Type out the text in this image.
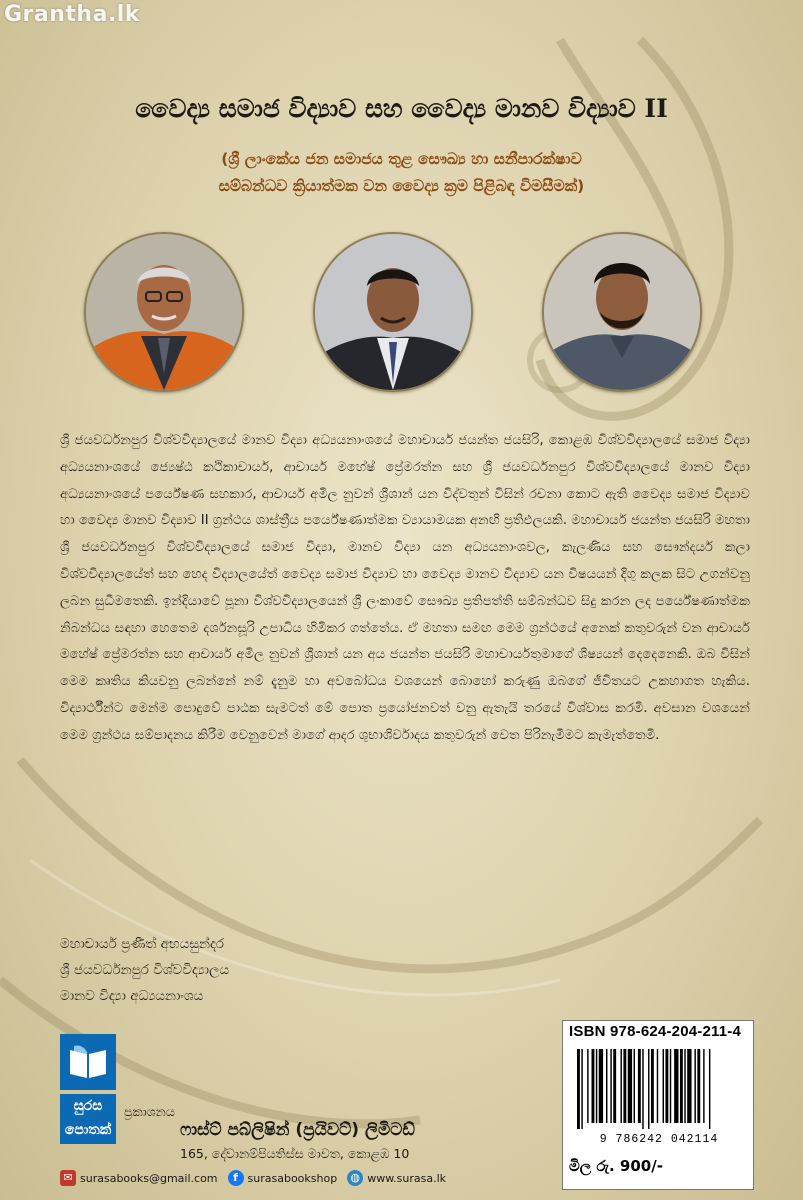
Grantha.lk
වෛද්‍ය සමාජ විද්‍යාව සහ වෛද්‍ය මානව විද්‍යාව II
(ශ්‍රී ලාංකේය ජන සමාජය තුළ සෞඛ්‍ය හා සනීපාරක්ෂාව
සම්බන්ධව ක්‍රියාත්මක වන වෛද්‍ය ක්‍රම පිළිබඳ විමසීමක්)
ශ්‍රී ජයවර්ධනපුර විශ්වවිද්‍යාලයේ මානව විද්‍යා අධ්‍යයනාංශයේ මහාචාර්ය ජයන්ත ජයසිරි, කොළඹ විශ්වවිද්‍යාලයේ සමාජ විද්‍යා අධ්‍යයනාංශයේ ජ්‍යෙෂ්ඨ කථිකාචාර්ය, ආචාර්ය මහේෂ් ප්‍රේමරත්න සහ ශ්‍රී ජයවර්ධනපුර විශ්වවිද්‍යාලයේ මානව විද්‍යා අධ්‍යයනාංශයේ පර්යේෂණ සහකාර, ආචාර්ය අමිල නුවන් ශ්‍රීශාන් යන විද්වතුන් විසින් රචනා කොට ඇති වෛද්‍ය සමාජ විද්‍යාව හා වෛද්‍ය මානව විද්‍යාව II ග්‍රන්ථය ශාස්ත්‍රීය පර්යේෂණාත්මක ව්‍යායාමයක අනඟි ප්‍රතිඵලයකි. මහාචාර්ය ජයන්ත ජයසිරි මහතා ශ්‍රී ජයවර්ධනපුර විශ්වවිද්‍යාලයේ සමාජ විද්‍යා, මානව විද්‍යා යන අධ්‍යයනාංශවල, කැලණිය සහ සෞන්දර්ය කලා විශ්වවිද්‍යාලයේත් සහ හෙද විද්‍යාලයේත් වෛද්‍ය සමාජ විද්‍යාව හා වෛද්‍ය මානව විද්‍යාව යන විෂයයන් දිගු කලක සිට උගන්වනු ලබන සුධීමතෙකි. ඉන්දියාවේ පූනා විශ්වවිද්‍යාලයෙන් ශ්‍රී ලංකාවේ සෞඛ්‍ය ප්‍රතිපත්ති සම්බන්ධව සිදු කරන ලද පර්යේෂණාත්මක නිබන්ධය සඳහා හෙතෙම දර්ශනසූරි උපාධිය හිමිකර ගත්තේය. ඒ මහතා සමඟ මෙම ග්‍රන්ථයේ අනෙක් කතුවරුන් වන ආචාර්ය මහේෂ් ප්‍රේමරත්න සහ ආචාර්ය අමිල නුවන් ශ්‍රීශාන් යන අය ජයන්ත ජයසිරි මහාචාර්යතුමාගේ ශිෂ්‍යයන් දෙදෙනෙකි. ඔබ විසින් මෙම කෘතිය කියවනු ලබන්නේ නම් දැනුම හා අවබෝධය වශයෙන් බොහෝ කරුණු ඔබගේ ජීවිතයට උකහාගත හැකිය. විද්‍යාර්ථීන්ට මෙන්ම පොදුවේ පාඨක සැමටත් මේ පොත ප්‍රයෝජනවත් වනු ඇතැයි තරයේ විශ්වාස කරමි. අවසාන වශයෙන් මෙම ග්‍රන්ථය සම්පාදනය කිරීම වෙනුවෙන් මාගේ ආදර ශුභාශිර්වාදය කතුවරුන් වෙත පිරිනැමීමට කැමැත්තෙමි.
මහාචාර්ය ප්‍රණීත් අභයසුන්දර
ශ්‍රී ජයවර්ධනපුර විශ්වවිද්‍යාලය
මානව විද්‍යා අධ්‍යයනාංශය
ISBN 978-624-204-211-4
9 786242 042114
මිල රු. 900/-
සුරස
පොතක්
ප්‍රකාශනය
ෆාස්ට් පබ්ලිෂින් (ප්‍රයිවට්) ලිමිටඩ්
165, දේවානම්පියතිස්ස මාවත, කොළඹ 10
✉ surasabooks@gmail.com	f surasabookshop ◍ www.surasa.lk
